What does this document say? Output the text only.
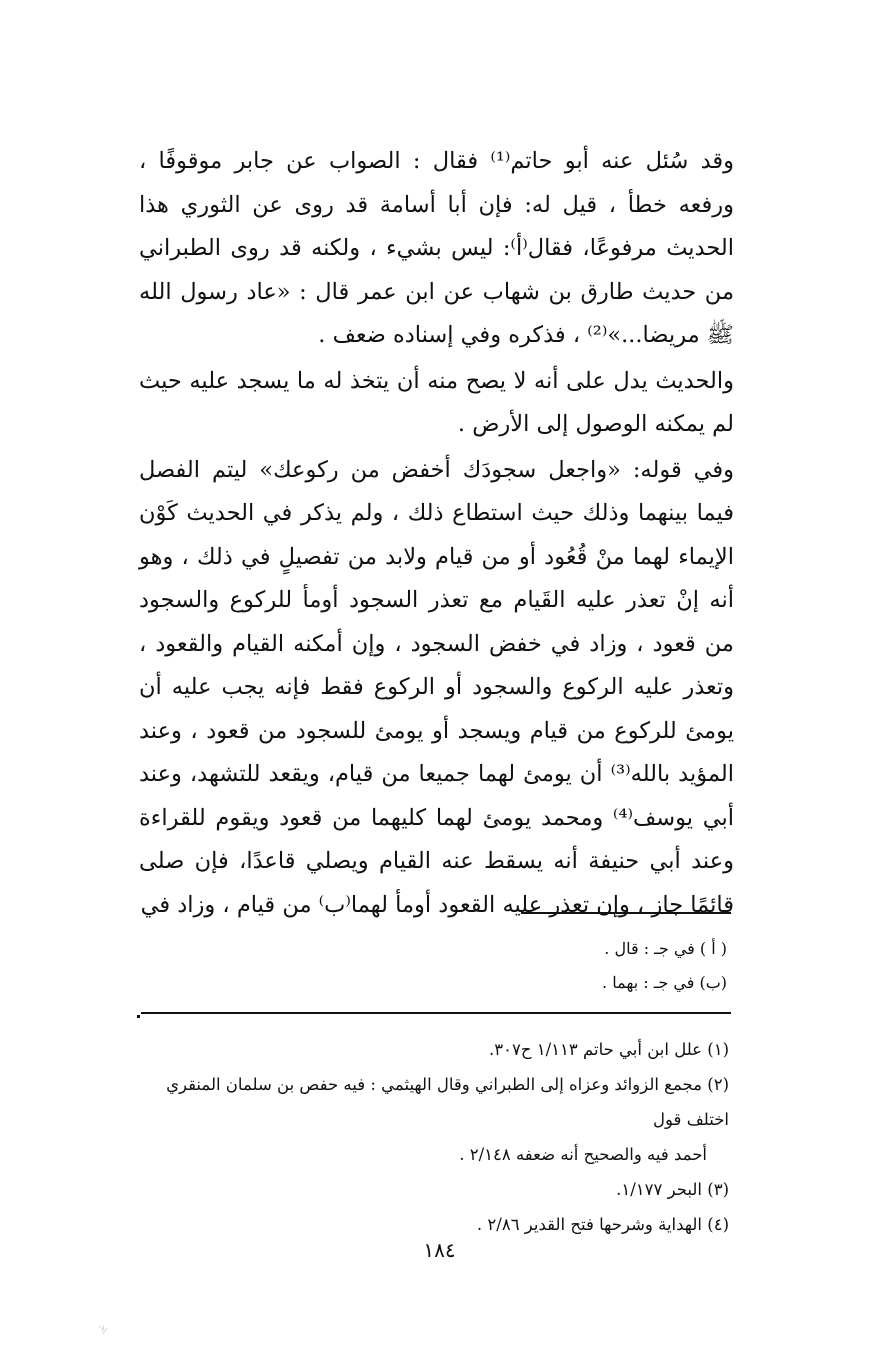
وقد سُئل عنه أبو حاتم⁽¹⁾ فقال : الصواب عن جابر موقوفًا ، ورفعه خطأ ، قيل له: فإن أبا أسامة قد روى عن الثوري هذا الحديث مرفوعًا، فقال⁽أ⁾: ليس بشيء ، ولكنه قد روى الطبراني من حديث طارق بن شهاب عن ابن عمر قال : «عاد رسول الله ﷺ مريضا...»⁽²⁾ ، فذكره وفي إسناده ضعف .

والحديث يدل على أنه لا يصح منه أن يتخذ له ما يسجد عليه حيث لم يمكنه الوصول إلى الأرض .

وفي قوله: «واجعل سجودَك أخفض من ركوعك» ليتم الفصل فيما بينهما وذلك حيث استطاع ذلك ، ولم يذكر في الحديث كَوْن الإيماء لهما منْ قُعُود أو من قيام ولابد من تفصيلٍ في ذلك ، وهو أنه إنْ تعذر عليه القَيام مع تعذر السجود أومأ للركوع والسجود من قعود ، وزاد في خفض السجود ، وإن أمكنه القيام والقعود ، وتعذر عليه الركوع والسجود أو الركوع فقط فإنه يجب عليه أن يومئ للركوع من قيام ويسجد أو يومئ للسجود من قعود ، وعند المؤيد بالله⁽³⁾ أن يومئ لهما جميعا من قيام، ويقعد للتشهد، وعند أبي يوسف⁽⁴⁾ ومحمد يومئ لهما كليهما من قعود ويقوم للقراءة وعند أبي حنيفة أنه يسقط عنه القيام ويصلي قاعدًا، فإن صلى قائمًا جاز ، وإن تعذر عليه القعود أومأ لهما⁽ب⁾ من قيام ، وزاد في

( أ ) في جـ : قال .
(ب) في جـ : بهما .
(١) علل ابن أبي حاتم ١/١١٣ ح٣٠٧.
(٢) مجمع الزوائد وعزاه إلى الطبراني وقال الهيثمي : فيه حفص بن سلمان المنقري اختلف قول
أحمد فيه والصحيح أنه ضعفه ٢/١٤٨ .
(٣) البحر ١/١٧٧.
(٤) الهداية وشرحها فتح القدير ٢/٨٦ .
١٨٤
